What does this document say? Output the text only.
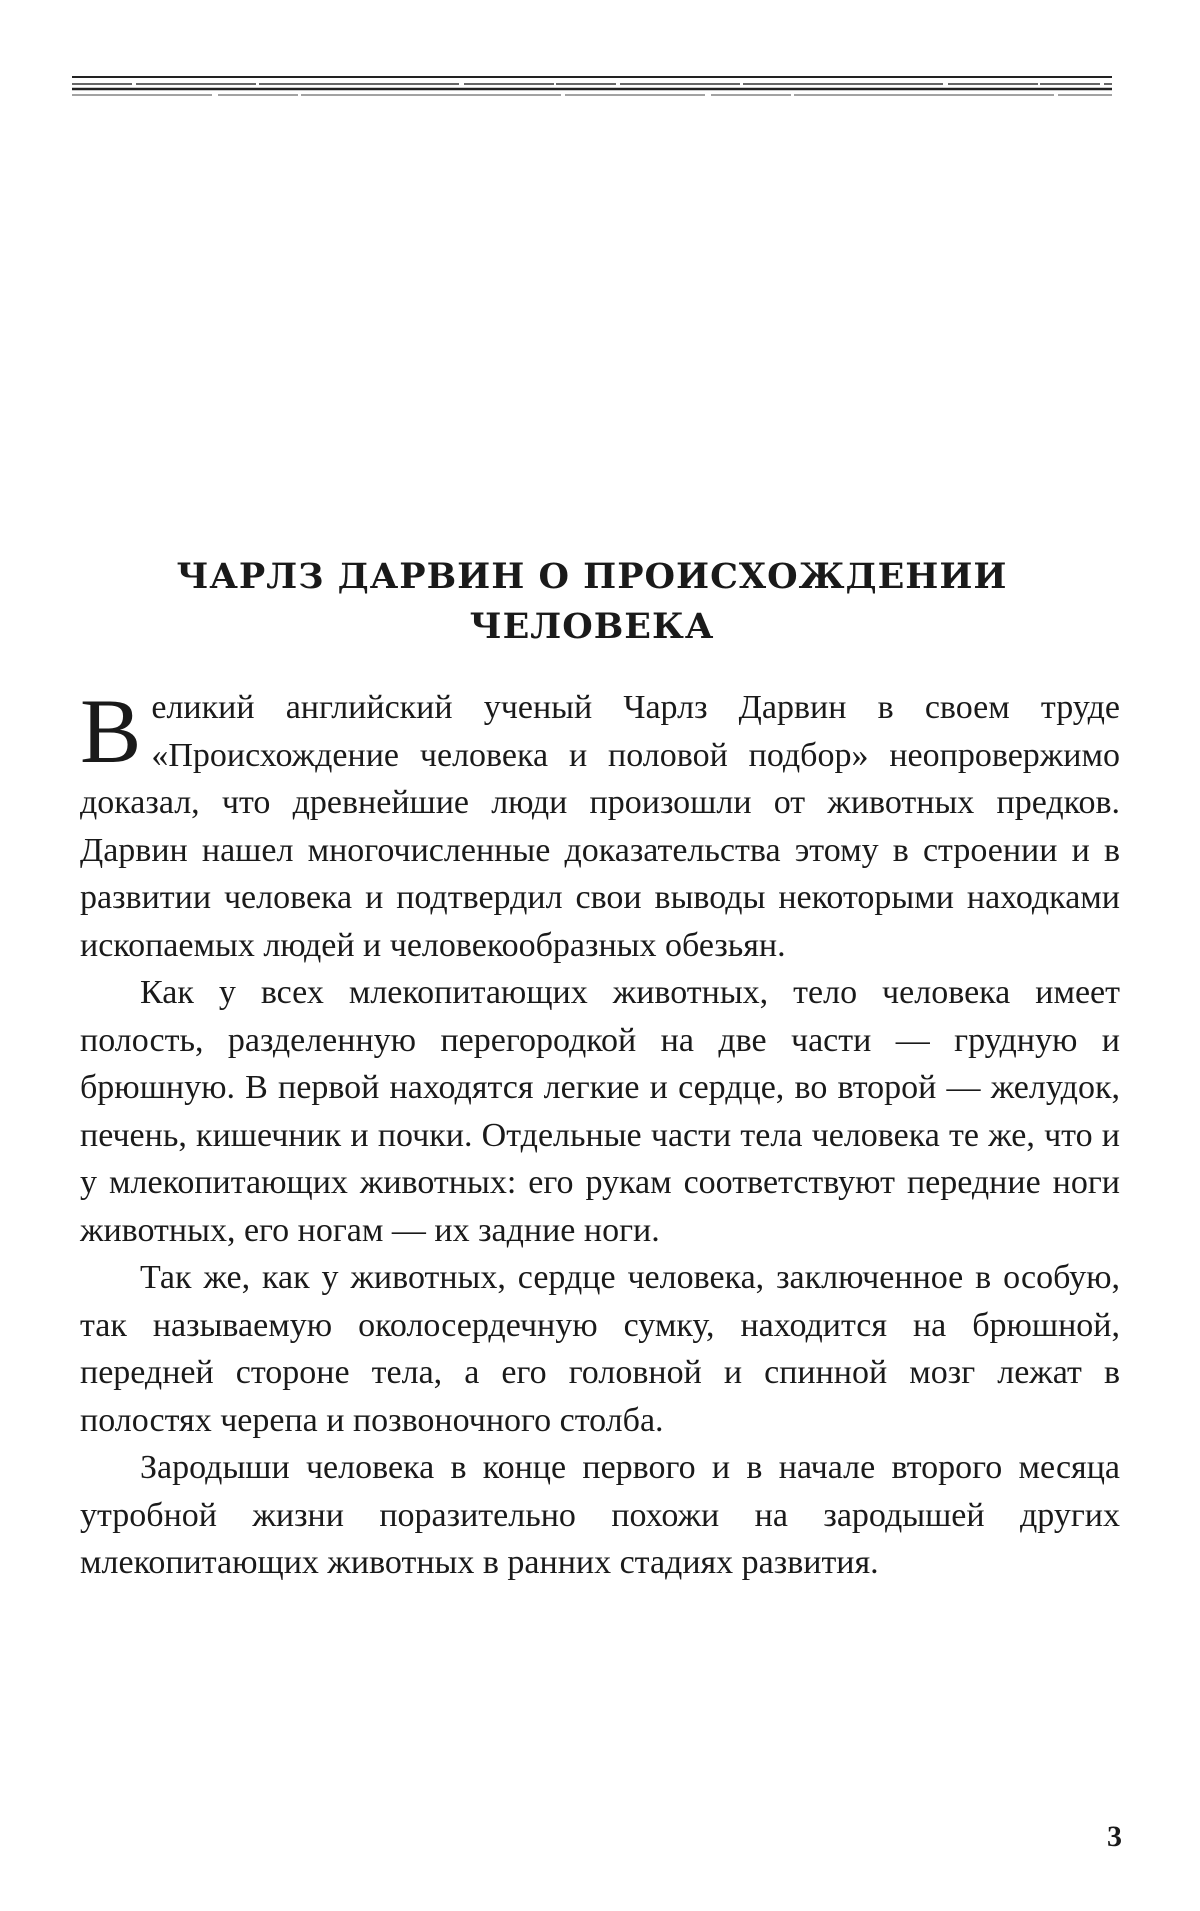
ЧАРЛЗ ДАРВИН О ПРОИСХОЖДЕНИИ
ЧЕЛОВЕКА

Великий английский ученый Чарлз Дарвин в своем труде «Происхождение человека и половой подбор» неопровержимо доказал, что древнейшие люди произошли от животных предков. Дарвин нашел многочисленные доказательства этому в строении и в развитии человека и подтвердил свои выводы некоторыми находками ископаемых людей и человекообразных обезьян.

Как у всех млекопитающих животных, тело человека имеет полость, разделенную перегородкой на две части — грудную и брюшную. В первой находятся легкие и сердце, во второй — желудок, печень, кишечник и почки. Отдельные части тела человека те же, что и у млекопитающих животных: его рукам соответствуют передние ноги животных, его ногам — их задние ноги.

Так же, как у животных, сердце человека, заключенное в особую, так называемую околосердечную сумку, находится на брюшной, передней стороне тела, а его головной и спинной мозг лежат в полостях черепа и позвоночного столба.

Зародыши человека в конце первого и в начале второго месяца утробной жизни поразительно похожи на зародышей других млекопитающих животных в ранних стадиях развития.

3
